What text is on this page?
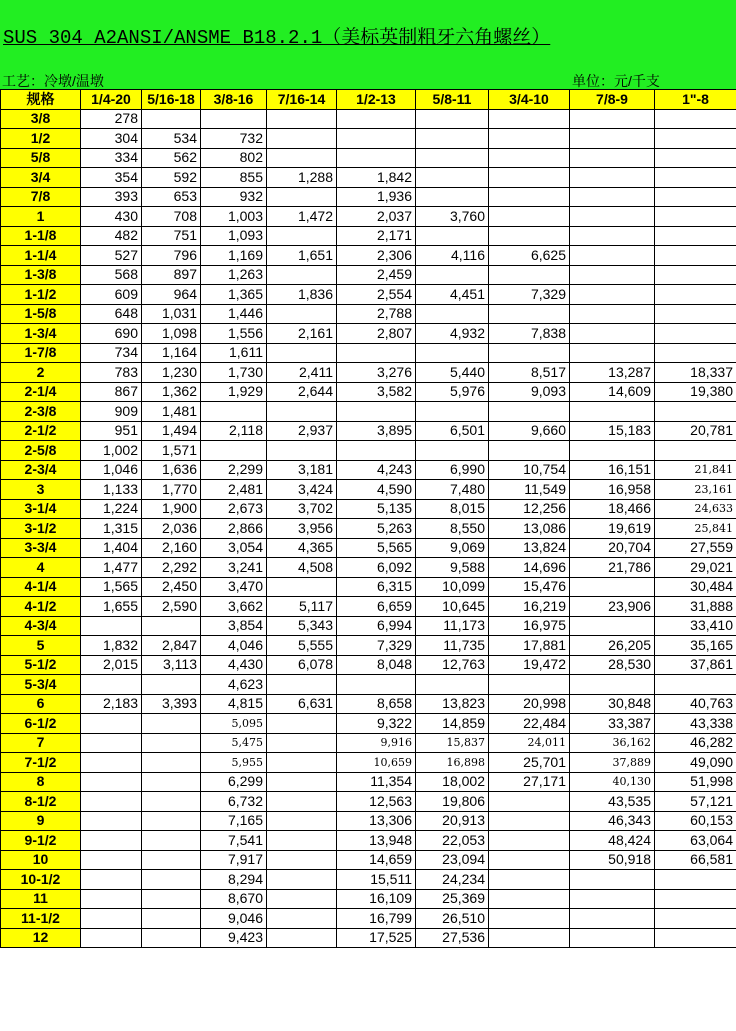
SUS 304 A2ANSI/ANSME B18.2.1（美标英制粗牙六角螺丝）
工艺：冷墩/温墩	单位：元/千支
规格	1/4-20	5/16-18	3/8-16	7/16-14	1/2-13	5/8-11	3/4-10	7/8-9	1"-8
3/8	278								
1/2	304	534	732						
5/8	334	562	802						
3/4	354	592	855	1,288	1,842				
7/8	393	653	932		1,936				
1	430	708	1,003	1,472	2,037	3,760			
1-1/8	482	751	1,093		2,171				
1-1/4	527	796	1,169	1,651	2,306	4,116	6,625		
1-3/8	568	897	1,263		2,459				
1-1/2	609	964	1,365	1,836	2,554	4,451	7,329		
1-5/8	648	1,031	1,446		2,788				
1-3/4	690	1,098	1,556	2,161	2,807	4,932	7,838		
1-7/8	734	1,164	1,611						
2	783	1,230	1,730	2,411	3,276	5,440	8,517	13,287	18,337
2-1/4	867	1,362	1,929	2,644	3,582	5,976	9,093	14,609	19,380
2-3/8	909	1,481							
2-1/2	951	1,494	2,118	2,937	3,895	6,501	9,660	15,183	20,781
2-5/8	1,002	1,571							
2-3/4	1,046	1,636	2,299	3,181	4,243	6,990	10,754	16,151	21,841
3	1,133	1,770	2,481	3,424	4,590	7,480	11,549	16,958	23,161
3-1/4	1,224	1,900	2,673	3,702	5,135	8,015	12,256	18,466	24,633
3-1/2	1,315	2,036	2,866	3,956	5,263	8,550	13,086	19,619	25,841
3-3/4	1,404	2,160	3,054	4,365	5,565	9,069	13,824	20,704	27,559
4	1,477	2,292	3,241	4,508	6,092	9,588	14,696	21,786	29,021
4-1/4	1,565	2,450	3,470		6,315	10,099	15,476		30,484
4-1/2	1,655	2,590	3,662	5,117	6,659	10,645	16,219	23,906	31,888
4-3/4			3,854	5,343	6,994	11,173	16,975		33,410
5	1,832	2,847	4,046	5,555	7,329	11,735	17,881	26,205	35,165
5-1/2	2,015	3,113	4,430	6,078	8,048	12,763	19,472	28,530	37,861
5-3/4			4,623						
6	2,183	3,393	4,815	6,631	8,658	13,823	20,998	30,848	40,763
6-1/2			5,095		9,322	14,859	22,484	33,387	43,338
7			5,475		9,916	15,837	24,011	36,162	46,282
7-1/2			5,955		10,659	16,898	25,701	37,889	49,090
8			6,299		11,354	18,002	27,171	40,130	51,998
8-1/2			6,732		12,563	19,806		43,535	57,121
9			7,165		13,306	20,913		46,343	60,153
9-1/2			7,541		13,948	22,053		48,424	63,064
10			7,917		14,659	23,094		50,918	66,581
10-1/2			8,294		15,511	24,234			
11			8,670		16,109	25,369			
11-1/2			9,046		16,799	26,510			
12			9,423		17,525	27,536			
